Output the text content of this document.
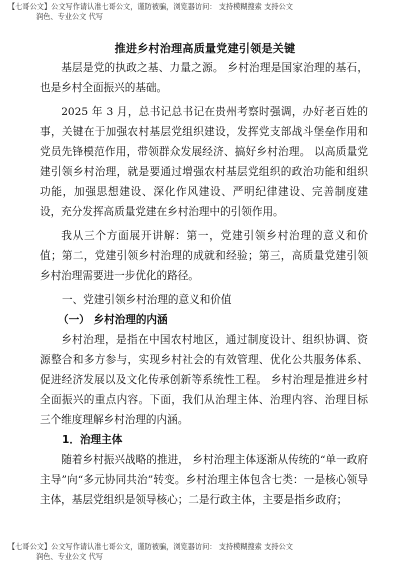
【七哥公文】公文写作请认准七哥公文，谨防被骗，浏览器访问： 支持模糊搜索 支持公文
润色、专业公文 代写
推进乡村治理高质量党建引领是关键

基层是党的执政之基、力量之源。 乡村治理是国家治理的基石， 也是乡村全面振兴的基础。

2025 年 3 月，总书记总书记在贵州考察时强调，办好老百姓的事，关键在于加强农村基层党组织建设，发挥党支部战斗堡垒作用和党员先锋模范作用，带领群众发展经济、搞好乡村治理。 以高质量党建引领乡村治理，就是要通过增强农村基层党组织的政治功能和组织功能，加强思想建设、深化作风建设、严明纪律建设、完善制度建设，充分发挥高质量党建在乡村治理中的引领作用。

我从三个方面展开讲解：第一，党建引领乡村治理的意义和价值；第二，党建引领乡村治理的成就和经验；第三，高质量党建引领乡村治理需要进一步优化的路径。

一、党建引领乡村治理的意义和价值

（一） 乡村治理的内涵

乡村治理，是指在中国农村地区，通过制度设计、组织协调、资源整合和多方参与，实现乡村社会的有效管理、优化公共服务体系、促进经济发展以及文化传承创新等系统性工程。 乡村治理是推进乡村全面振兴的重点内容。下面，我们从治理主体、治理内容、治理目标三个维度理解乡村治理的内涵。

1．治理主体

随着乡村振兴战略的推进， 乡村治理主体逐渐从传统的“单一政府主导”向“多元协同共治”转变。乡村治理主体包含七类：一是核心领导主体，基层党组织是领导核心；二是行政主体，主要是指乡政府；

【七哥公文】公文写作请认准七哥公文，谨防被骗，浏览器访问： 支持模糊搜索 支持公文
润色、专业公文 代写
